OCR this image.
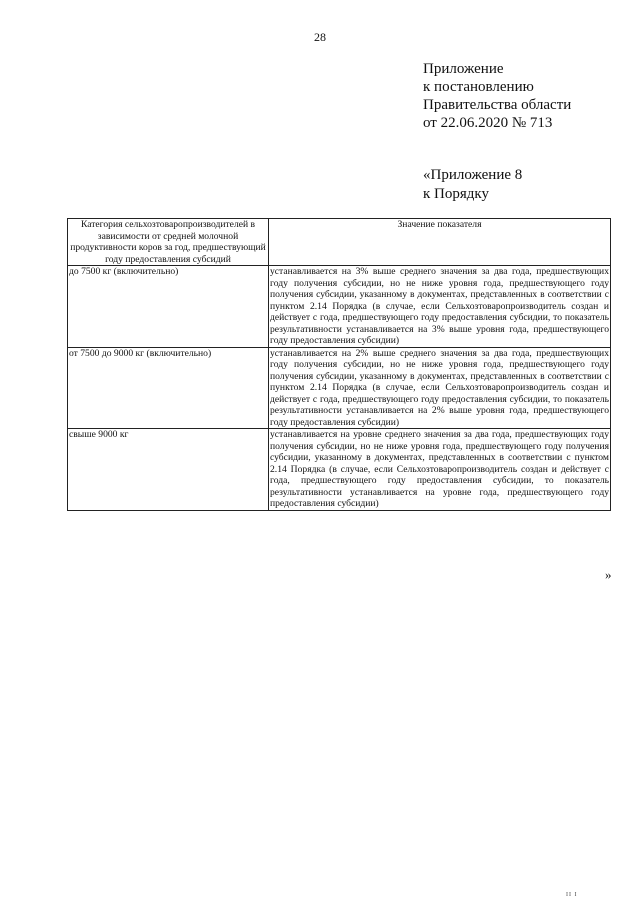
28
Приложение
к постановлению
Правительства области
от 22.06.2020 № 713
«Приложение 8
к Порядку
Категория сельхозтоваропроизводителей в зависимости от средней молочной продуктивности коров за год, предшествующий году предоставления субсидий	Значение показателя
до 7500 кг (включительно)	устанавливается на 3% выше среднего значения за два года, предшествующих году получения субсидии, но не ниже уровня года, предшествующего году получения субсидии, указанному в документах, представленных в соответствии с пунктом 2.14 Порядка (в случае, если Сельхозтоваропроизводитель создан и действует с года, предшествующего году предоставления субсидии, то показатель результативности устанавливается на 3% выше уровня года, предшествующего году предоставления субсидии)
от 7500 до 9000 кг (включительно)	устанавливается на 2% выше среднего значения за два года, предшествующих году получения субсидии, но не ниже уровня года, предшествующего году получения субсидии, указанному в документах, представленных в соответствии с пунктом 2.14 Порядка (в случае, если Сельхозтоваропроизводитель создан и действует с года, предшествующего году предоставления субсидии, то показатель результативности устанавливается на 2% выше уровня года, предшествующего году предоставления субсидии)
свыше 9000 кг	устанавливается на уровне среднего значения за два года, предшествующих году получения субсидии, но не ниже уровня года, предшествующего году получения субсидии, указанному в документах, представленных в соответствии с пунктом 2.14 Порядка (в случае, если Сельхозтоваропроизводитель создан и действует с года, предшествующего году предоставления субсидии, то показатель результативности устанавливается на уровне года, предшествующего году предоставления субсидии)
»
II I
